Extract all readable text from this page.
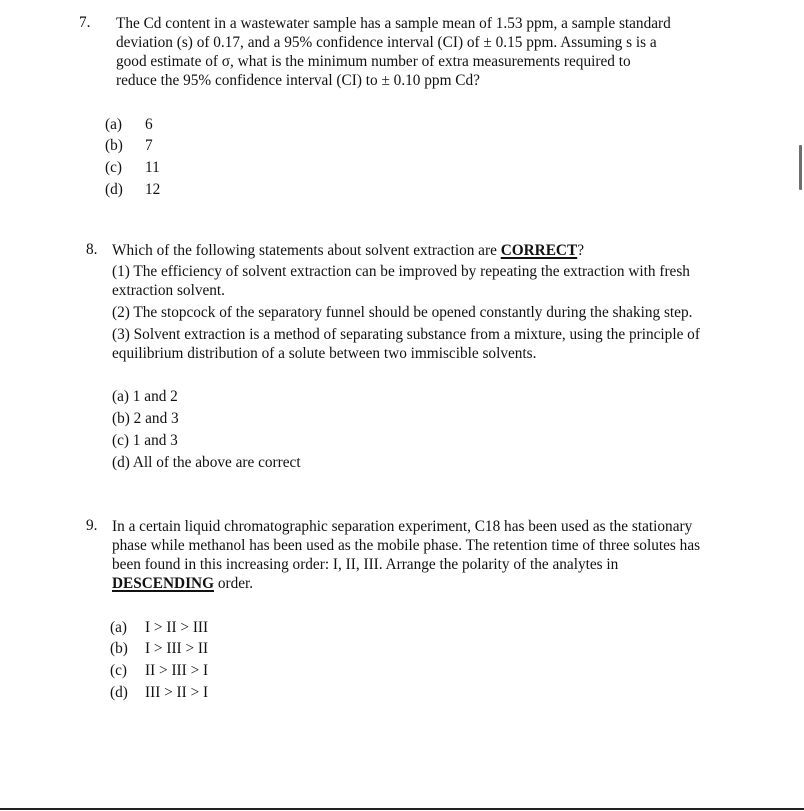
7. The Cd content in a wastewater sample has a sample mean of 1.53 ppm, a sample standard
deviation (s) of 0.17, and a 95% confidence interval (CI) of ± 0.15 ppm. Assuming s is a
good estimate of σ, what is the minimum number of extra measurements required to
reduce the 95% confidence interval (CI) to ± 0.10 ppm Cd?
(a) 6
(b) 7
(c) 11
(d) 12
8. Which of the following statements about solvent extraction are CORRECT?
(1) The efficiency of solvent extraction can be improved by repeating the extraction with fresh
extraction solvent.
(2) The stopcock of the separatory funnel should be opened constantly during the shaking step.
(3) Solvent extraction is a method of separating substance from a mixture, using the principle of
equilibrium distribution of a solute between two immiscible solvents.
(a) 1 and 2
(b) 2 and 3
(c) 1 and 3
(d) All of the above are correct
9. In a certain liquid chromatographic separation experiment, C18 has been used as the stationary
phase while methanol has been used as the mobile phase. The retention time of three solutes has
been found in this increasing order: I, II, III. Arrange the polarity of the analytes in
DESCENDING order.
(a) I > II > III
(b) I > III > II
(c) II > III > I
(d) III > II > I
